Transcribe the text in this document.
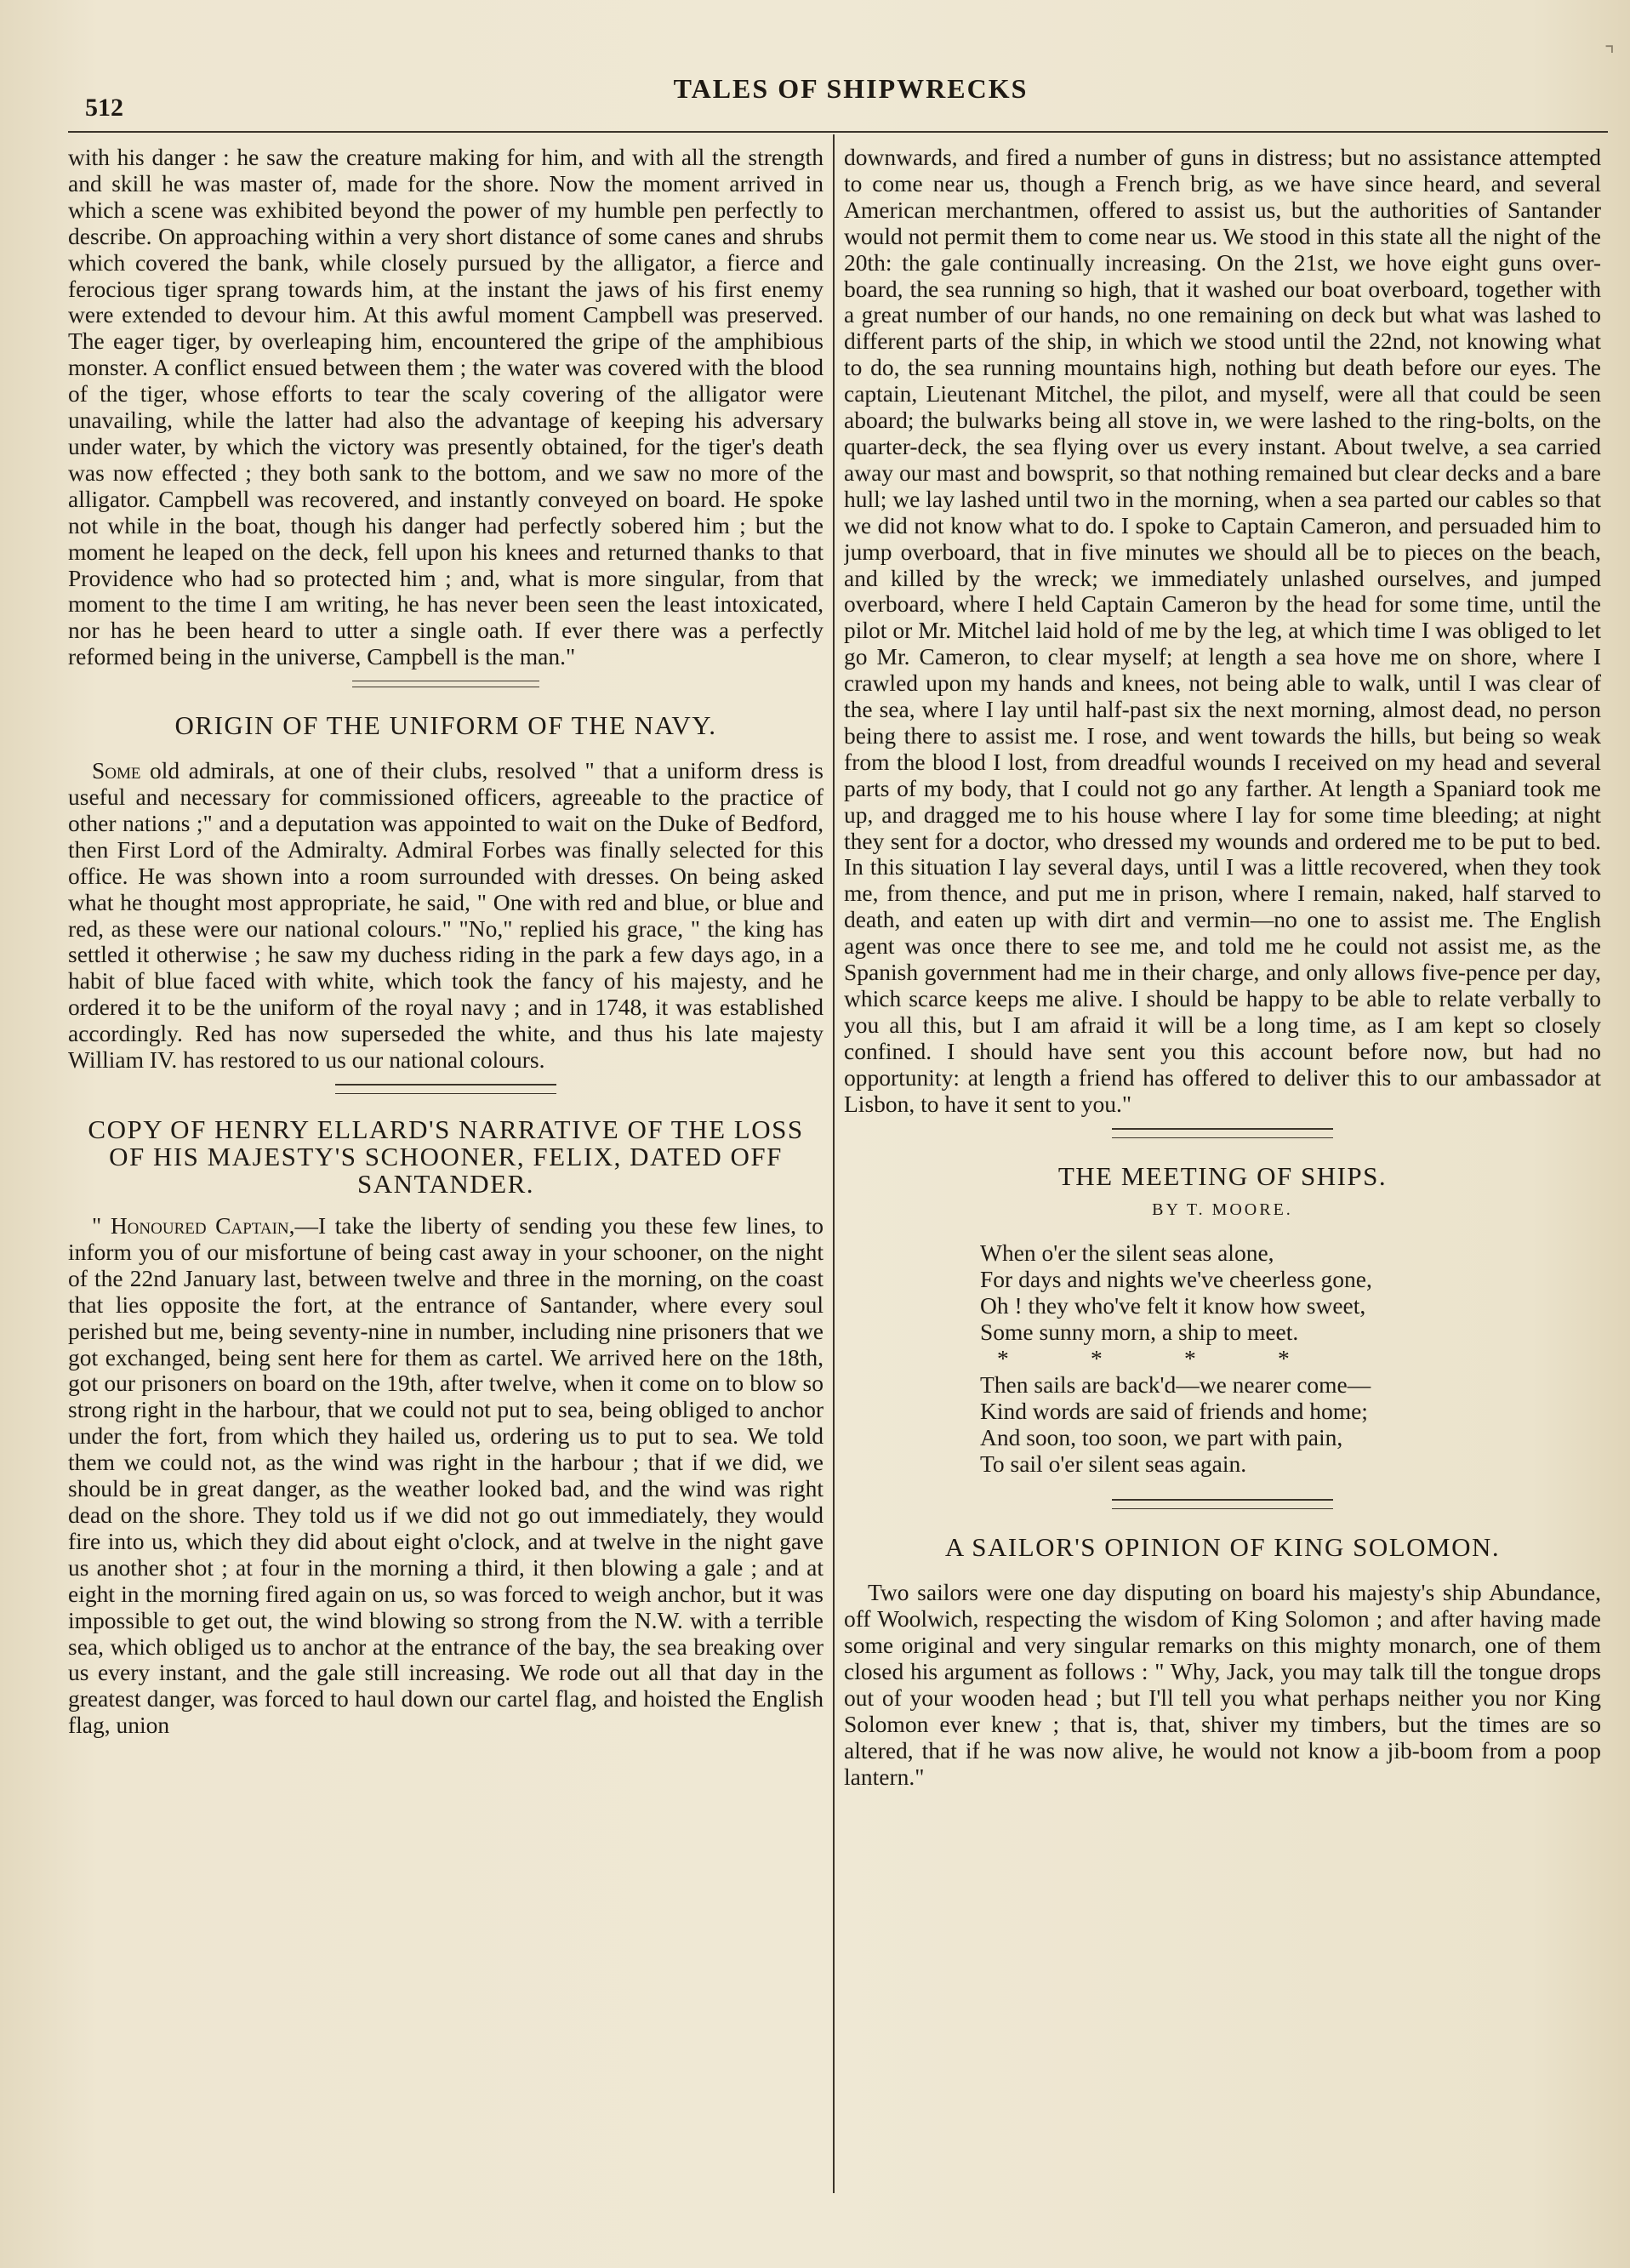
512
TALES OF SHIPWRECKS
⌝

with his danger : he saw the creature making for him, and with all the strength and skill he was master of, made for the shore. Now the moment arrived in which a scene was exhibited beyond the power of my humble pen perfectly to describe. On approaching within a very short distance of some canes and shrubs which covered the bank, while closely pursued by the alligator, a fierce and ferocious tiger sprang towards him, at the instant the jaws of his first enemy were extended to devour him. At this awful moment Campbell was preserved. The eager tiger, by overleaping him, encountered the gripe of the amphibious monster. A conflict ensued between them ; the water was covered with the blood of the tiger, whose efforts to tear the scaly covering of the alligator were unavailing, while the latter had also the advantage of keeping his adversary under water, by which the victory was presently obtained, for the tiger's death was now effected ; they both sank to the bottom, and we saw no more of the alligator. Campbell was recovered, and instantly conveyed on board. He spoke not while in the boat, though his danger had perfectly sobered him ; but the moment he leaped on the deck, fell upon his knees and returned thanks to that Providence who had so protected him ; and, what is more singular, from that moment to the time I am writing, he has never been seen the least intoxicated, nor has he been heard to utter a single oath. If ever there was a perfectly reformed being in the universe, Campbell is the man."

ORIGIN OF THE UNIFORM OF THE NAVY.

Some old admirals, at one of their clubs, resolved " that a uniform dress is useful and necessary for commissioned officers, agreeable to the practice of other nations ;" and a deputation was appointed to wait on the Duke of Bedford, then First Lord of the Admiralty. Admiral Forbes was finally selected for this office. He was shown into a room surrounded with dresses. On being asked what he thought most appropriate, he said, " One with red and blue, or blue and red, as these were our national colours." "No," replied his grace, " the king has settled it otherwise ; he saw my duchess riding in the park a few days ago, in a habit of blue faced with white, which took the fancy of his majesty, and he ordered it to be the uniform of the royal navy ; and in 1748, it was established accordingly. Red has now superseded the white, and thus his late majesty William IV. has restored to us our national colours.

COPY OF HENRY ELLARD'S NARRATIVE OF THE LOSS OF HIS MAJESTY'S SCHOONER, FELIX, DATED OFF SANTANDER.

" Honoured Captain,—I take the liberty of sending you these few lines, to inform you of our misfortune of being cast away in your schooner, on the night of the 22nd January last, between twelve and three in the morning, on the coast that lies opposite the fort, at the entrance of Santander, where every soul perished but me, being seventy-nine in number, including nine prisoners that we got exchanged, being sent here for them as cartel. We arrived here on the 18th, got our prisoners on board on the 19th, after twelve, when it come on to blow so strong right in the harbour, that we could not put to sea, being obliged to anchor under the fort, from which they hailed us, ordering us to put to sea. We told them we could not, as the wind was right in the harbour ; that if we did, we should be in great danger, as the weather looked bad, and the wind was right dead on the shore. They told us if we did not go out immediately, they would fire into us, which they did about eight o'clock, and at twelve in the night gave us another shot ; at four in the morning a third, it then blowing a gale ; and at eight in the morning fired again on us, so was forced to weigh anchor, but it was impossible to get out, the wind blowing so strong from the N.W. with a terrible sea, which obliged us to anchor at the entrance of the bay, the sea breaking over us every instant, and the gale still increasing. We rode out all that day in the greatest danger, was forced to haul down our cartel flag, and hoisted the English flag, union

downwards, and fired a number of guns in distress; but no assistance attempted to come near us, though a French brig, as we have since heard, and several American merchantmen, offered to assist us, but the authorities of Santander would not permit them to come near us. We stood in this state all the night of the 20th: the gale continually increasing. On the 21st, we hove eight guns over-board, the sea running so high, that it washed our boat overboard, together with a great number of our hands, no one remaining on deck but what was lashed to different parts of the ship, in which we stood until the 22nd, not knowing what to do, the sea running mountains high, nothing but death before our eyes. The captain, Lieutenant Mitchel, the pilot, and myself, were all that could be seen aboard; the bulwarks being all stove in, we were lashed to the ring-bolts, on the quarter-deck, the sea flying over us every instant. About twelve, a sea carried away our mast and bowsprit, so that nothing remained but clear decks and a bare hull; we lay lashed until two in the morning, when a sea parted our cables so that we did not know what to do. I spoke to Captain Cameron, and persuaded him to jump overboard, that in five minutes we should all be to pieces on the beach, and killed by the wreck; we immediately unlashed ourselves, and jumped overboard, where I held Captain Cameron by the head for some time, until the pilot or Mr. Mitchel laid hold of me by the leg, at which time I was obliged to let go Mr. Cameron, to clear myself; at length a sea hove me on shore, where I crawled upon my hands and knees, not being able to walk, until I was clear of the sea, where I lay until half-past six the next morning, almost dead, no person being there to assist me. I rose, and went towards the hills, but being so weak from the blood I lost, from dreadful wounds I received on my head and several parts of my body, that I could not go any farther. At length a Spaniard took me up, and dragged me to his house where I lay for some time bleeding; at night they sent for a doctor, who dressed my wounds and ordered me to be put to bed. In this situation I lay several days, until I was a little recovered, when they took me, from thence, and put me in prison, where I remain, naked, half starved to death, and eaten up with dirt and vermin—no one to assist me. The English agent was once there to see me, and told me he could not assist me, as the Spanish government had me in their charge, and only allows five-pence per day, which scarce keeps me alive. I should be happy to be able to relate verbally to you all this, but I am afraid it will be a long time, as I am kept so closely confined. I should have sent you this account before now, but had no opportunity: at length a friend has offered to deliver this to our ambassador at Lisbon, to have it sent to you."

THE MEETING OF SHIPS.
BY T. MOORE.
When o'er the silent seas alone,
For days and nights we've cheerless gone,
Oh ! they who've felt it know how sweet,
Some sunny morn, a ship to meet.
*	*	*	*
Then sails are back'd—we nearer come—
Kind words are said of friends and home;
And soon, too soon, we part with pain,
To sail o'er silent seas again.
A SAILOR'S OPINION OF KING SOLOMON.

Two sailors were one day disputing on board his majesty's ship Abundance, off Woolwich, respecting the wisdom of King Solomon ; and after having made some original and very singular remarks on this mighty monarch, one of them closed his argument as follows : " Why, Jack, you may talk till the tongue drops out of your wooden head ; but I'll tell you what perhaps neither you nor King Solomon ever knew ; that is, that, shiver my timbers, but the times are so altered, that if he was now alive, he would not know a jib-boom from a poop lantern."
